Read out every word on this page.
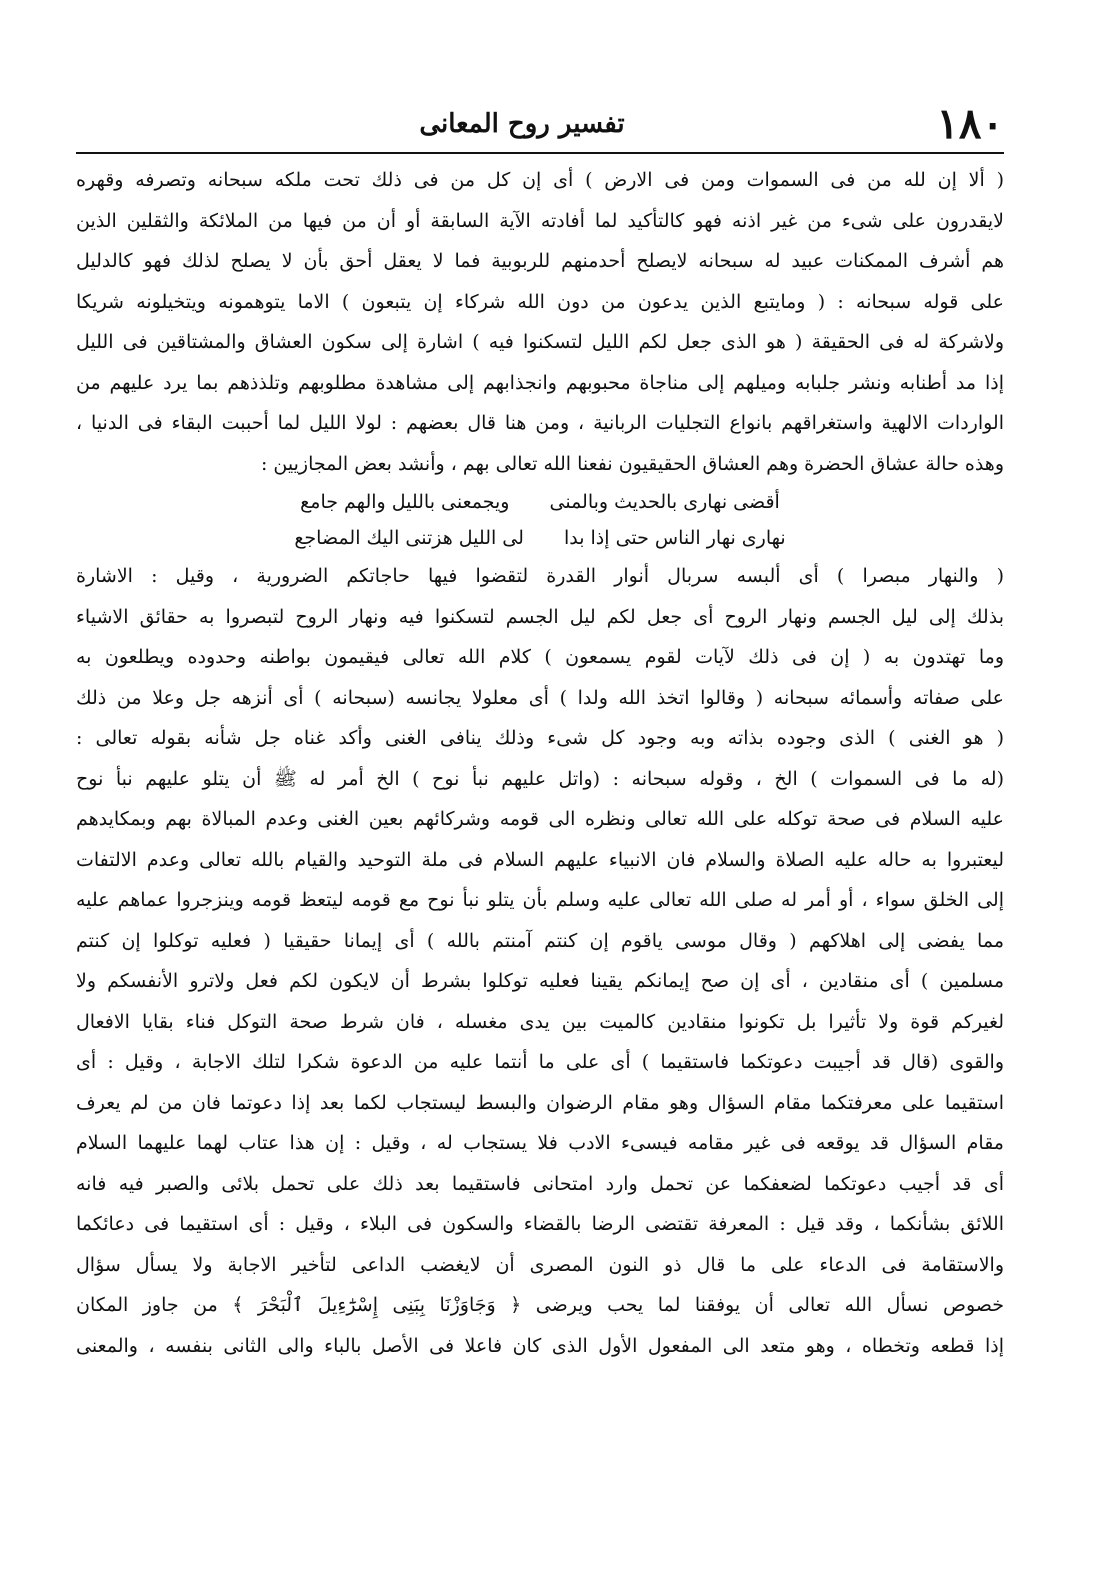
١٨٠
تفسير روح المعانى
( ألا إن لله من فى السموات ومن فى الارض ) أى إن كل من فى ذلك تحت ملكه سبحانه وتصرفه وقهره
لايقدرون على شىء من غير اذنه فهو كالتأكيد لما أفادته الآية السابقة أو أن من فيها من الملائكة والثقلين الذين
هم أشرف الممكنات عبيد له سبحانه لايصلح أحدمنهم للربوبية فما لا يعقل أحق بأن لا يصلح لذلك فهو كالدليل
على قوله سبحانه : ( ومايتبع الذين يدعون من دون الله شركاء إن يتبعون ) الاما يتوهمونه ويتخيلونه شريكا
ولاشركة له فى الحقيقة ( هو الذى جعل لكم الليل لتسكنوا فيه ) اشارة إلى سكون العشاق والمشتاقين فى الليل
إذا مد أطنابه ونشر جلبابه وميلهم إلى مناجاة محبوبهم وانجذابهم إلى مشاهدة مطلوبهم وتلذذهم بما يرد عليهم من
الواردات الالهية واستغراقهم بانواع التجليات الربانية ، ومن هنا قال بعضهم : لولا الليل لما أحببت البقاء فى الدنيا ،
وهذه حالة عشاق الحضرة وهم العشاق الحقيقيون نفعنا الله تعالى بهم ، وأنشد بعض المجازيين :
أقضى نهارى بالحديث وبالمنى
ويجمعنى بالليل والهم جامع
نهارى نهار الناس حتى إذا بدا
لى الليل هزتنى اليك المضاجع
( والنهار مبصرا ) أى ألبسه سربال أنوار القدرة لتقضوا فيها حاجاتكم الضرورية ، وقيل : الاشارة
بذلك إلى ليل الجسم ونهار الروح أى جعل لكم ليل الجسم لتسكنوا فيه ونهار الروح لتبصروا به حقائق الاشياء
وما تهتدون به ( إن فى ذلك لآيات لقوم يسمعون ) كلام الله تعالى فيقيمون بواطنه وحدوده ويطلعون به
على صفاته وأسمائه سبحانه ( وقالوا اتخذ الله ولدا ) أى معلولا يجانسه (سبحانه ) أى أنزهه جل وعلا من ذلك
( هو الغنى ) الذى وجوده بذاته وبه وجود كل شىء وذلك ينافى الغنى وأكد غناه جل شأنه بقوله تعالى :
(له ما فى السموات ) الخ ، وقوله سبحانه : (واتل عليهم نبأ نوح ) الخ أمر له ﷺ أن يتلو عليهم نبأ نوح
عليه السلام فى صحة توكله على الله تعالى ونظره الى قومه وشركائهم بعين الغنى وعدم المبالاة بهم وبمكايدهم
ليعتبروا به حاله عليه الصلاة والسلام فان الانبياء عليهم السلام فى ملة التوحيد والقيام بالله تعالى وعدم الالتفات
إلى الخلق سواء ، أو أمر له صلى الله تعالى عليه وسلم بأن يتلو نبأ نوح مع قومه ليتعظ قومه وينزجروا عماهم عليه
مما يفضى إلى اهلاكهم ( وقال موسى ياقوم إن كنتم آمنتم بالله ) أى إيمانا حقيقيا ( فعليه توكلوا إن كنتم
مسلمين ) أى منقادين ، أى إن صح إيمانكم يقينا فعليه توكلوا بشرط أن لايكون لكم فعل ولاترو الأنفسكم ولا
لغيركم قوة ولا تأثيرا بل تكونوا منقادين كالميت بين يدى مغسله ، فان شرط صحة التوكل فناء بقايا الافعال
والقوى (قال قد أجيبت دعوتكما فاستقيما ) أى على ما أنتما عليه من الدعوة شكرا لتلك الاجابة ، وقيل : أى
استقيما على معرفتكما مقام السؤال وهو مقام الرضوان والبسط ليستجاب لكما بعد إذا دعوتما فان من لم يعرف
مقام السؤال قد يوقعه فى غير مقامه فيسىء الادب فلا يستجاب له ، وقيل : إن هذا عتاب لهما عليهما السلام
أى قد أجيب دعوتكما لضعفكما عن تحمل وارد امتحانى فاستقيما بعد ذلك على تحمل بلائى والصبر فيه فانه
اللائق بشأنكما ، وقد قيل : المعرفة تقتضى الرضا بالقضاء والسكون فى البلاء ، وقيل : أى استقيما فى دعائكما
والاستقامة فى الدعاء على ما قال ذو النون المصرى أن لايغضب الداعى لتأخير الاجابة ولا يسأل سؤال
خصوص نسأل الله تعالى أن يوفقنا لما يحب ويرضى ﴿ وَجَاوَزْنَا بِبَنِى إِسْرَٰٓءِيلَ ٱلْبَحْرَ ﴾ من جاوز المكان
إذا قطعه وتخطاه ، وهو متعد الى المفعول الأول الذى كان فاعلا فى الأصل بالباء والى الثانى بنفسه ، والمعنى
